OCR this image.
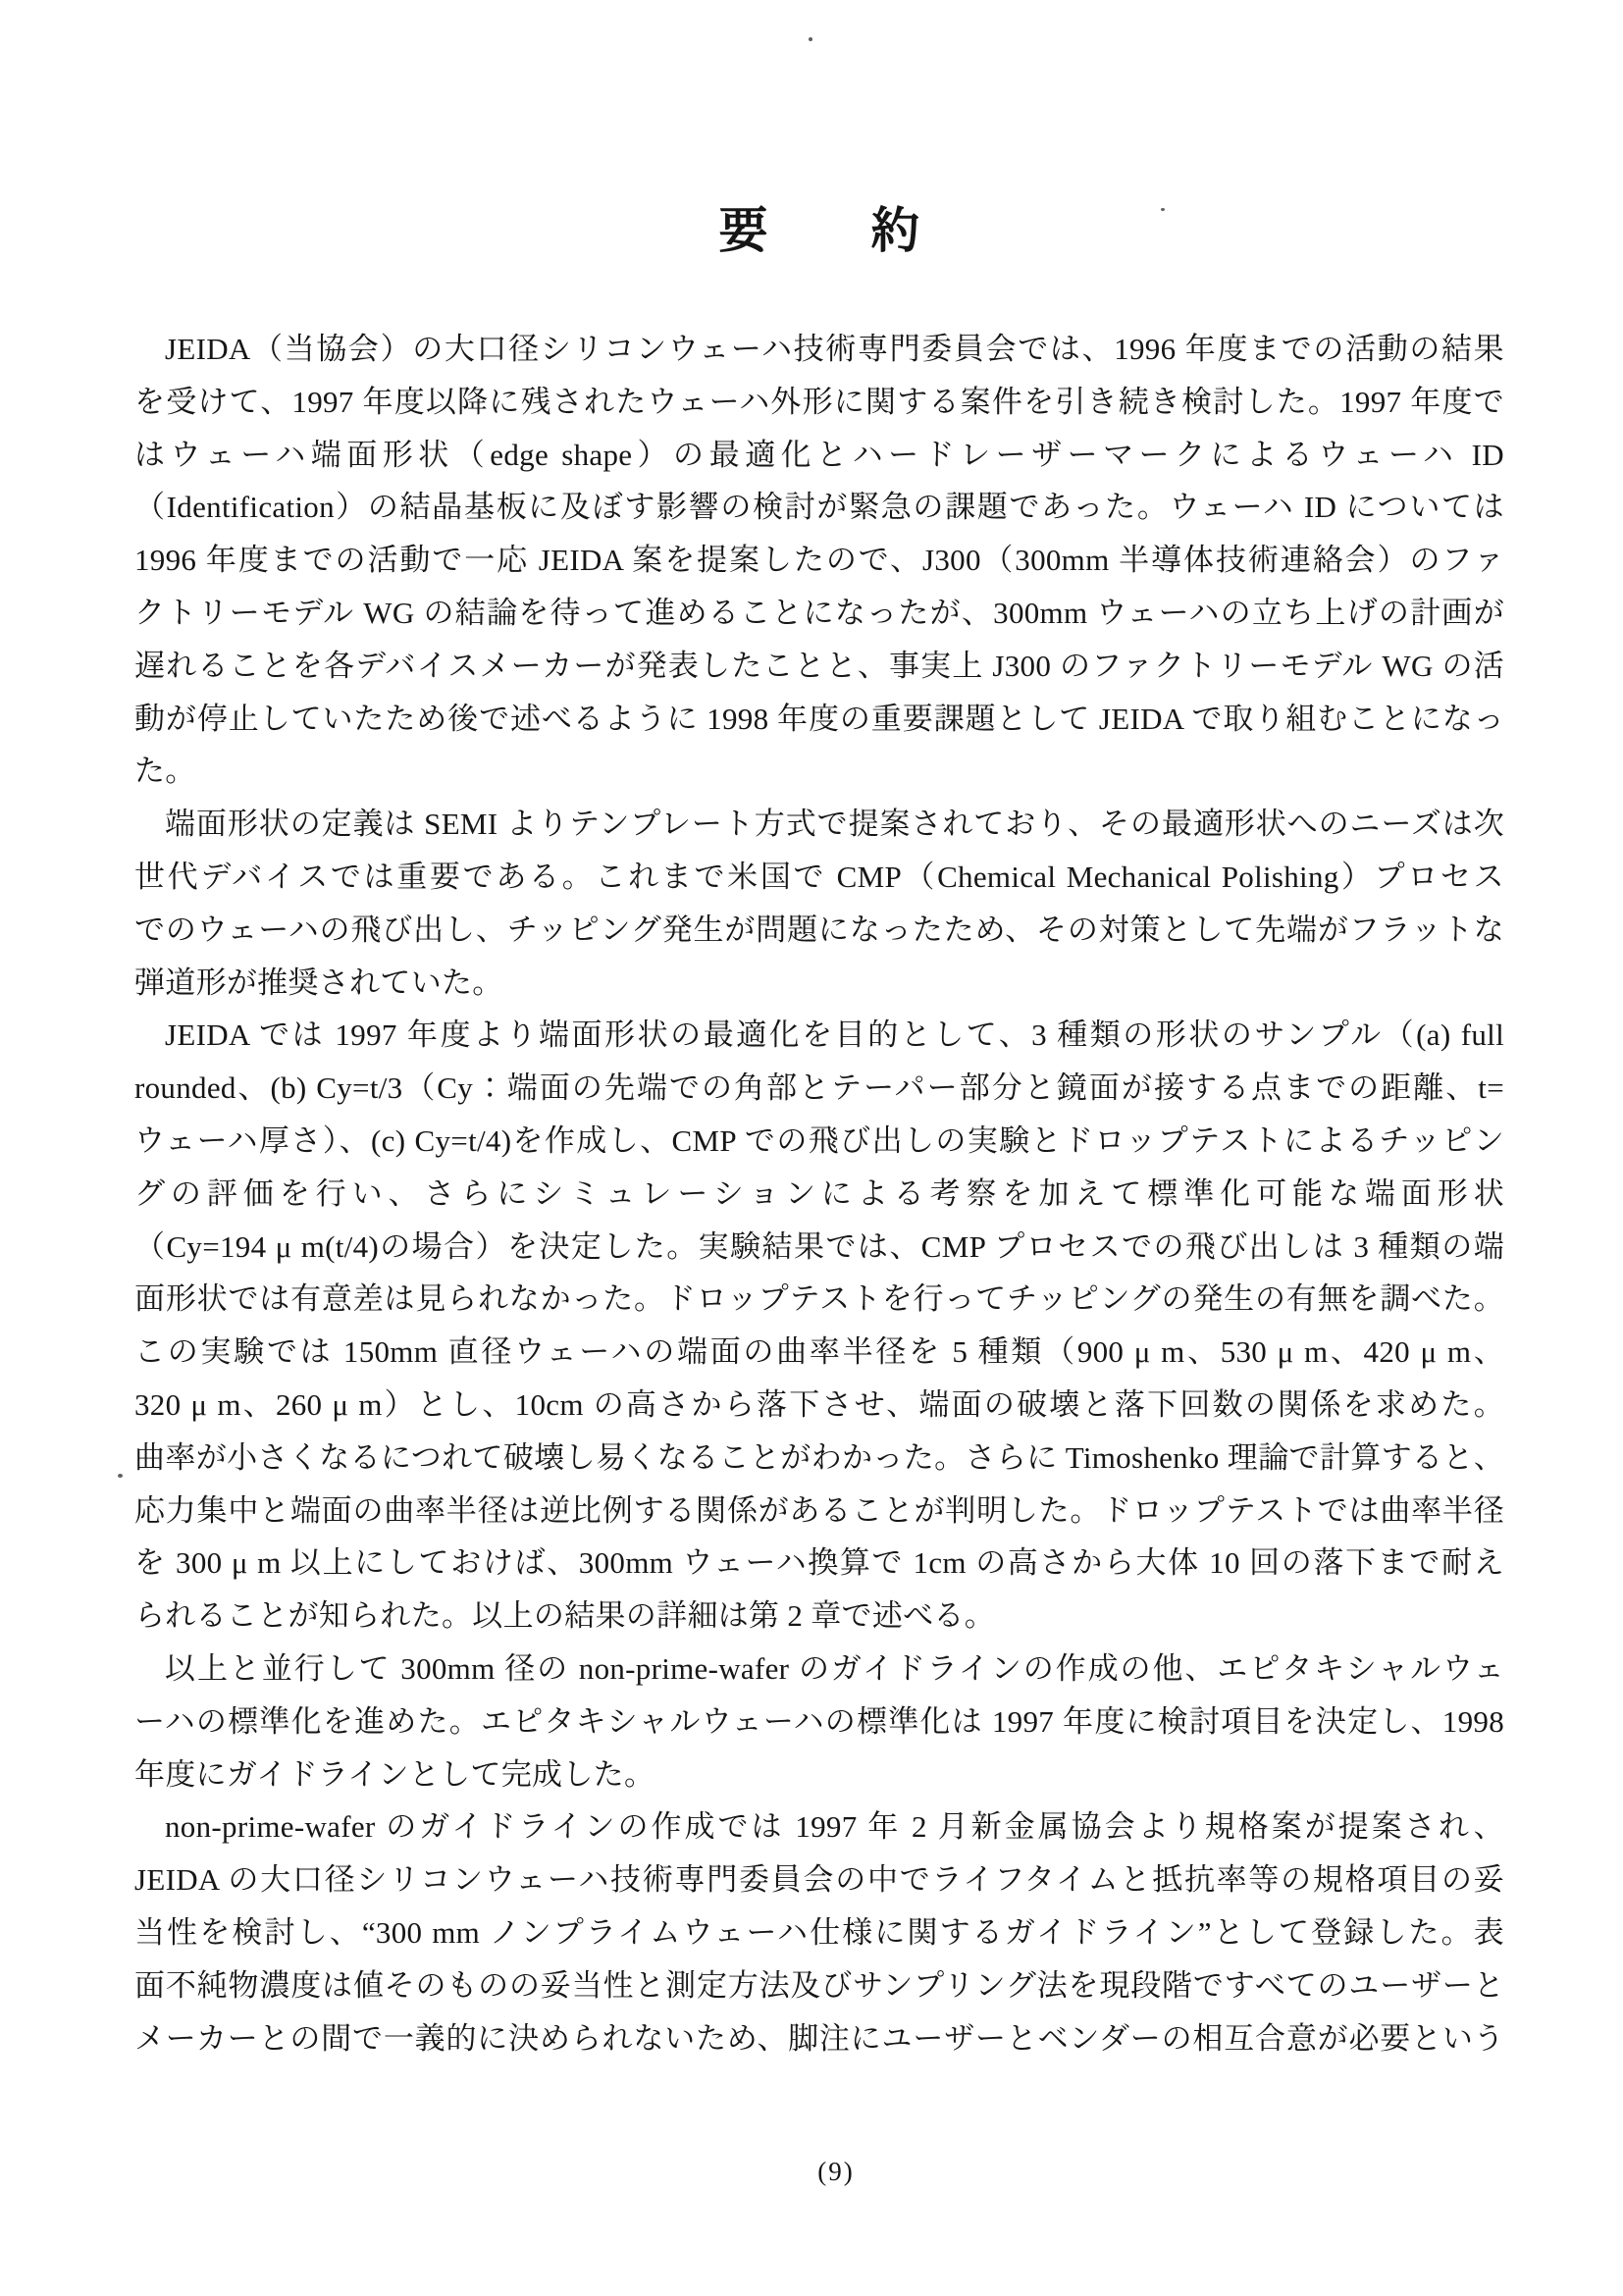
要　約
JEIDA（当協会）の大口径シリコンウェーハ技術専門委員会では、1996 年度までの活動の結果
を受けて、1997 年度以降に残されたウェーハ外形に関する案件を引き続き検討した。1997 年度で
はウェーハ端面形状（edge shape）の最適化とハードレーザーマークによるウェーハ ID
（Identification）の結晶基板に及ぼす影響の検討が緊急の課題であった。ウェーハ ID については
1996 年度までの活動で一応 JEIDA 案を提案したので、J300（300mm 半導体技術連絡会）のファ
クトリーモデル WG の結論を待って進めることになったが、300mm ウェーハの立ち上げの計画が
遅れることを各デバイスメーカーが発表したことと、事実上 J300 のファクトリーモデル WG の活
動が停止していたため後で述べるように 1998 年度の重要課題として JEIDA で取り組むことになっ
た。
端面形状の定義は SEMI よりテンプレート方式で提案されており、その最適形状へのニーズは次
世代デバイスでは重要である。これまで米国で CMP（Chemical Mechanical Polishing）プロセス
でのウェーハの飛び出し、チッピング発生が問題になったため、その対策として先端がフラットな
弾道形が推奨されていた。
JEIDA では 1997 年度より端面形状の最適化を目的として、3 種類の形状のサンプル（(a) full
rounded、(b) Cy=t/3（Cy：端面の先端での角部とテーパー部分と鏡面が接する点までの距離、t=
ウェーハ厚さ）、(c) Cy=t/4)を作成し、CMP での飛び出しの実験とドロップテストによるチッピン
グの評価を行い、さらにシミュレーションによる考察を加えて標準化可能な端面形状
（Cy=194 μ m(t/4)の場合）を決定した。実験結果では、CMP プロセスでの飛び出しは 3 種類の端
面形状では有意差は見られなかった。ドロップテストを行ってチッピングの発生の有無を調べた。
この実験では 150mm 直径ウェーハの端面の曲率半径を 5 種類（900 μ m、530 μ m、420 μ m、
320 μ m、260 μ m）とし、10cm の高さから落下させ、端面の破壊と落下回数の関係を求めた。
曲率が小さくなるにつれて破壊し易くなることがわかった。さらに Timoshenko 理論で計算すると、
応力集中と端面の曲率半径は逆比例する関係があることが判明した。ドロップテストでは曲率半径
を 300 μ m 以上にしておけば、300mm ウェーハ換算で 1cm の高さから大体 10 回の落下まで耐え
られることが知られた。以上の結果の詳細は第 2 章で述べる。
以上と並行して 300mm 径の non-prime-wafer のガイドラインの作成の他、エピタキシャルウェ
ーハの標準化を進めた。エピタキシャルウェーハの標準化は 1997 年度に検討項目を決定し、1998
年度にガイドラインとして完成した。
non-prime-wafer のガイドラインの作成では 1997 年 2 月新金属協会より規格案が提案され、
JEIDA の大口径シリコンウェーハ技術専門委員会の中でライフタイムと抵抗率等の規格項目の妥
当性を検討し、“300 mm ノンプライムウェーハ仕様に関するガイドライン”として登録した。表
面不純物濃度は値そのものの妥当性と測定方法及びサンプリング法を現段階ですべてのユーザーと
メーカーとの間で一義的に決められないため、脚注にユーザーとベンダーの相互合意が必要という
(9)
